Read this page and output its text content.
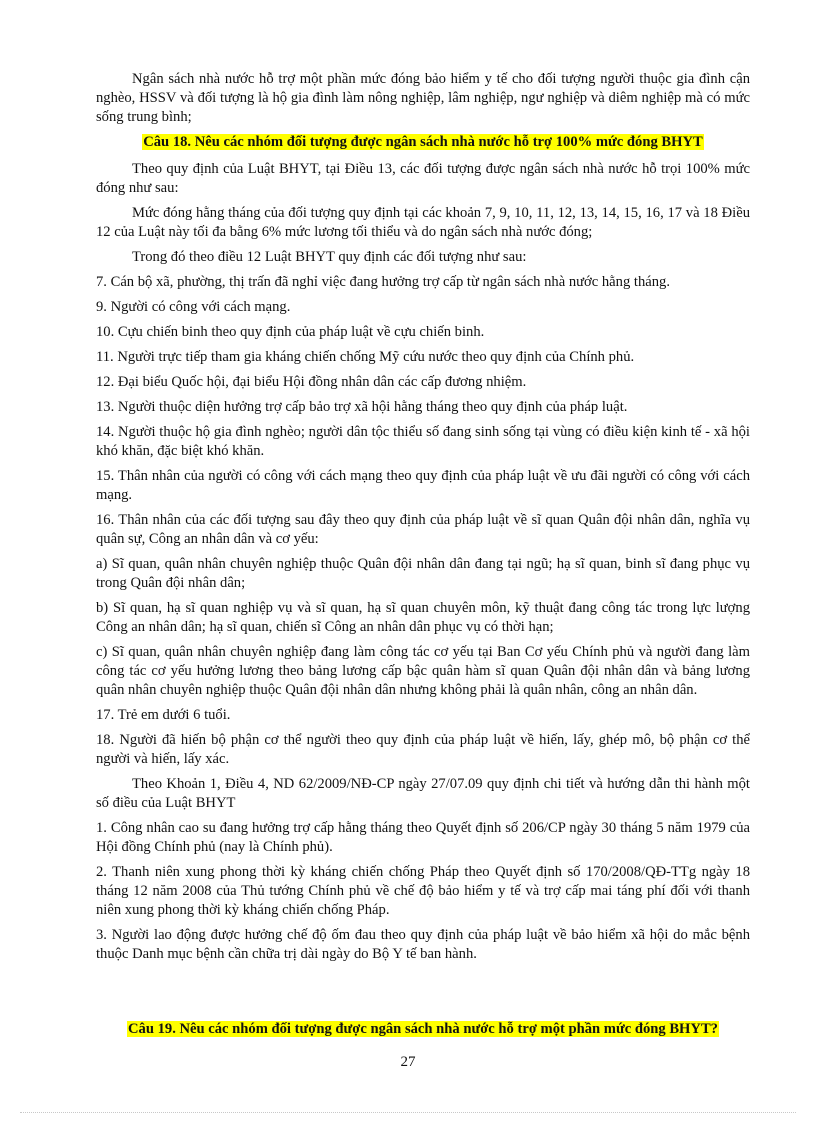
Ngân sách nhà nước hỗ trợ một phần mức đóng bảo hiểm y tế cho đối tượng người thuộc gia đình cận nghèo, HSSV và đối tượng là hộ gia đình làm nông nghiệp, lâm nghiệp, ngư nghiệp và diêm nghiệp mà có mức sống trung bình;

Câu 18. Nêu các nhóm đối tượng được ngân sách nhà nước hỗ trợ 100% mức đóng BHYT

Theo quy định của Luật BHYT, tại Điều 13, các đối tượng được ngân sách nhà nước hỗ trọi 100% mức đóng như sau:

Mức đóng hằng tháng của đối tượng quy định tại các khoản 7, 9, 10, 11, 12, 13, 14, 15, 16, 17 và 18 Điều 12 của Luật này tối đa bằng 6% mức lương tối thiểu và do ngân sách nhà nước đóng;

Trong đó theo điều 12 Luật BHYT quy định các đối tượng như sau:

7. Cán bộ xã, phường, thị trấn đã nghỉ việc đang hưởng trợ cấp từ ngân sách nhà nước hằng tháng.

9. Người có công với cách mạng.

10. Cựu chiến binh theo quy định của pháp luật về cựu chiến binh.

11. Người trực tiếp tham gia kháng chiến chống Mỹ cứu nước theo quy định của Chính phủ.

12. Đại biểu Quốc hội, đại biểu Hội đồng nhân dân các cấp đương nhiệm.

13. Người thuộc diện hưởng trợ cấp bảo trợ xã hội hằng tháng theo quy định của pháp luật.

14. Người thuộc hộ gia đình nghèo; người dân tộc thiểu số đang sinh sống tại vùng có điều kiện kinh tế - xã hội khó khăn, đặc biệt khó khăn.

15. Thân nhân của người có công với cách mạng theo quy định của pháp luật về ưu đãi người có công với cách mạng.

16. Thân nhân của các đối tượng sau đây theo quy định của pháp luật về sĩ quan Quân đội nhân dân, nghĩa vụ quân sự, Công an nhân dân và cơ yếu:

a) Sĩ quan, quân nhân chuyên nghiệp thuộc Quân đội nhân dân đang tại ngũ; hạ sĩ quan, binh sĩ đang phục vụ trong Quân đội nhân dân;

b) Sĩ quan, hạ sĩ quan nghiệp vụ và sĩ quan, hạ sĩ quan chuyên môn, kỹ thuật đang công tác trong lực lượng Công an nhân dân; hạ sĩ quan, chiến sĩ Công an nhân dân phục vụ có thời hạn;

c) Sĩ quan, quân nhân chuyên nghiệp đang làm công tác cơ yếu tại Ban Cơ yếu Chính phủ và người đang làm công tác cơ yếu hưởng lương theo bảng lương cấp bậc quân hàm sĩ quan Quân đội nhân dân và bảng lương quân nhân chuyên nghiệp thuộc Quân đội nhân dân nhưng không phải là quân nhân, công an nhân dân.

17. Trẻ em dưới 6 tuổi.

18. Người đã hiến bộ phận cơ thể người theo quy định của pháp luật về hiến, lấy, ghép mô, bộ phận cơ thể người và hiến, lấy xác.

Theo Khoản 1, Điều 4, ND 62/2009/NĐ-CP ngày 27/07.09 quy định chi tiết và hướng dẫn thi hành một số điều của Luật BHYT

1. Công nhân cao su đang hưởng trợ cấp hằng tháng theo Quyết định số 206/CP ngày 30 tháng 5 năm 1979 của Hội đồng Chính phủ (nay là Chính phủ).

2. Thanh niên xung phong thời kỳ kháng chiến chống Pháp theo Quyết định số 170/2008/QĐ-TTg ngày 18 tháng 12 năm 2008 của Thủ tướng Chính phủ về chế độ bảo hiểm y tế và trợ cấp mai táng phí đối với thanh niên xung phong thời kỳ kháng chiến chống Pháp.

3. Người lao động được hưởng chế độ ốm đau theo quy định của pháp luật về bảo hiểm xã hội do mắc bệnh thuộc Danh mục bệnh cần chữa trị dài ngày do Bộ Y tế ban hành.

Câu 19. Nêu các nhóm đối tượng được ngân sách nhà nước hỗ trợ một phần mức đóng BHYT?

27
